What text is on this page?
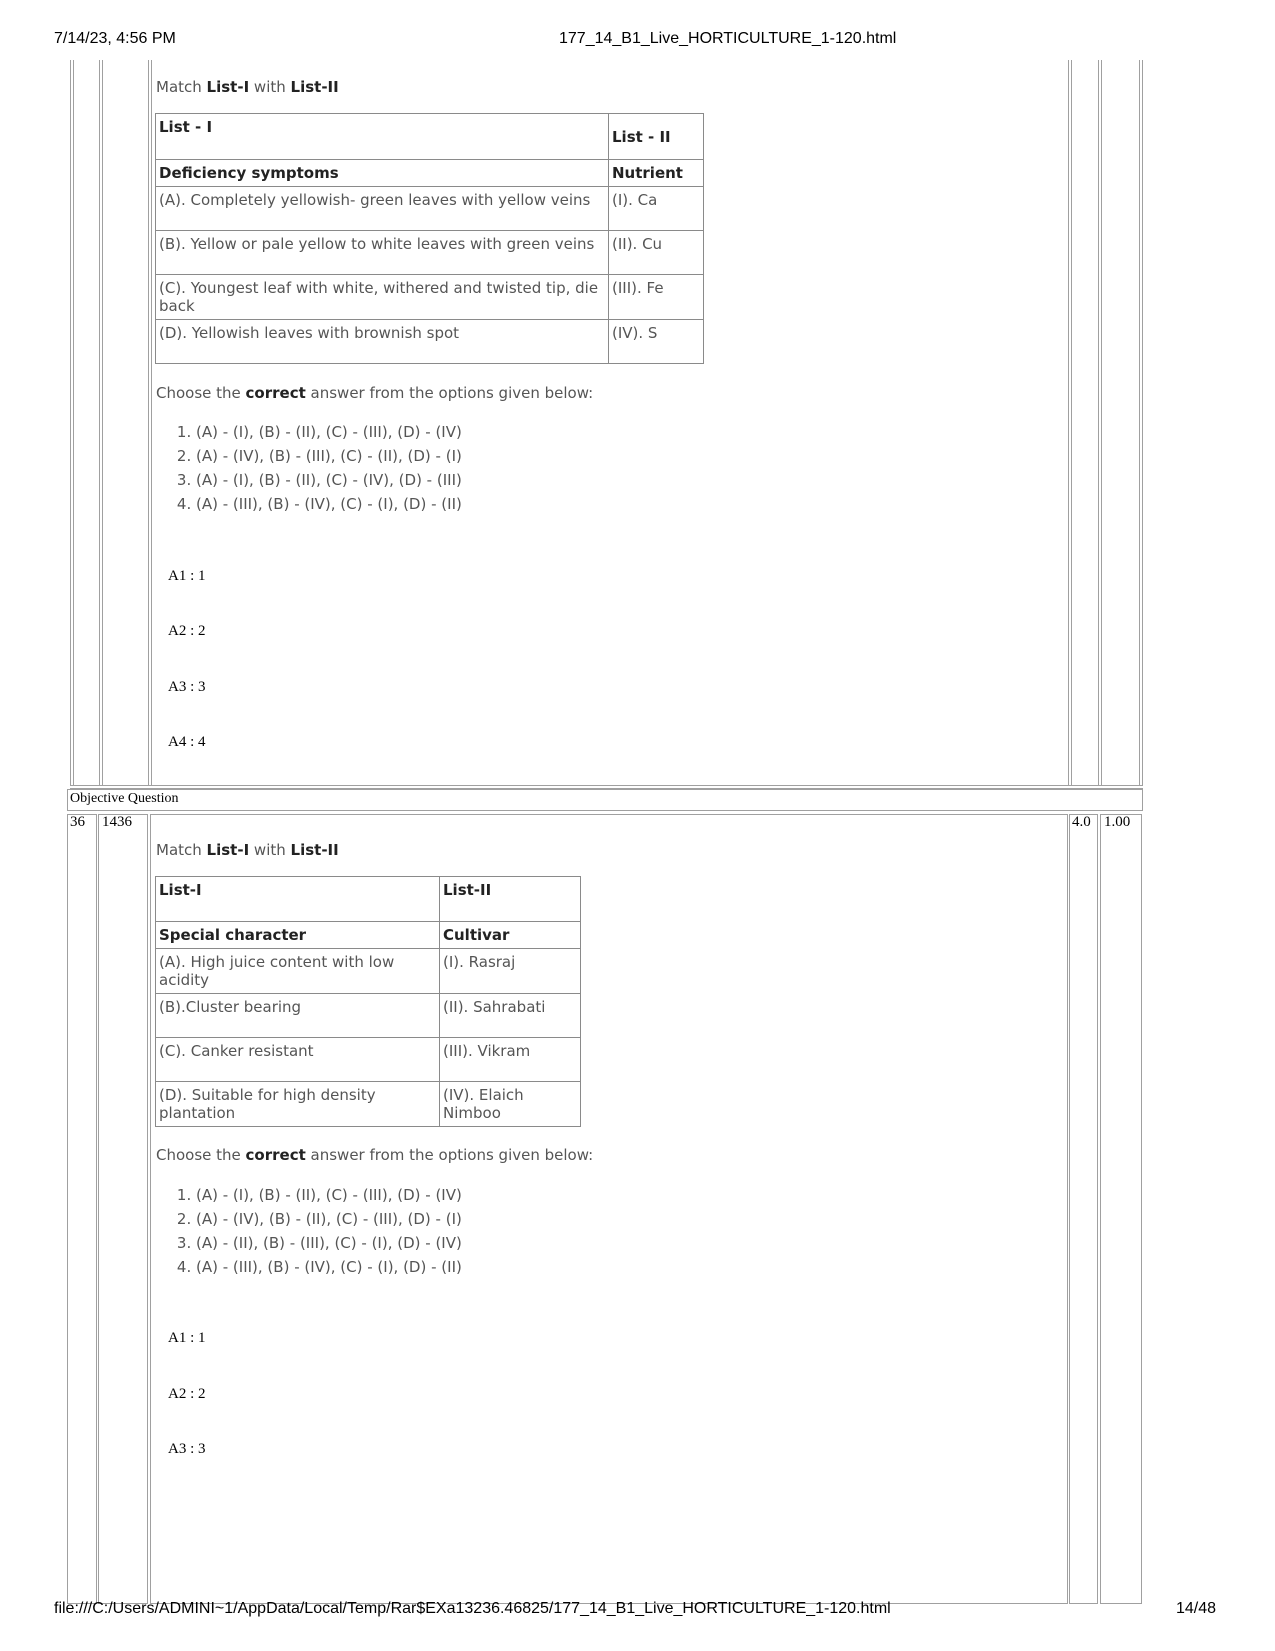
7/14/23, 4:56 PM	177_14_B1_Live_HORTICULTURE_1-120.html
Match List-I with List-II
List - I	List - II
Deficiency symptoms	Nutrient
(A). Completely yellowish- green leaves with yellow veins	(I). Ca
(B). Yellow or pale yellow to white leaves with green veins	(II). Cu
(C). Youngest leaf with white, withered and twisted tip, die back	(III). Fe
(D). Yellowish leaves with brownish spot	(IV). S
Choose the correct answer from the options given below:
1. (A) - (I), (B) - (II), (C) - (III), (D) - (IV)
2. (A) - (IV), (B) - (III), (C) - (II), (D) - (I)
3. (A) - (I), (B) - (II), (C) - (IV), (D) - (III)
4. (A) - (III), (B) - (IV), (C) - (I), (D) - (II)
A1 : 1
A2 : 2
A3 : 3
A4 : 4
Objective Question
36 1436	4.0 1.00
Match List-I with List-II
List-I	List-II
Special character	Cultivar
(A). High juice content with low acidity	(I). Rasraj
(B).Cluster bearing	(II). Sahrabati
(C). Canker resistant	(III). Vikram
(D). Suitable for high density plantation	(IV). Elaich Nimboo
Choose the correct answer from the options given below:
1. (A) - (I), (B) - (II), (C) - (III), (D) - (IV)
2. (A) - (IV), (B) - (II), (C) - (III), (D) - (I)
3. (A) - (II), (B) - (III), (C) - (I), (D) - (IV)
4. (A) - (III), (B) - (IV), (C) - (I), (D) - (II)
A1 : 1
A2 : 2
A3 : 3
file:///C:/Users/ADMINI~1/AppData/Local/Temp/Rar$EXa13236.46825/177_14_B1_Live_HORTICULTURE_1-120.html	14/48
